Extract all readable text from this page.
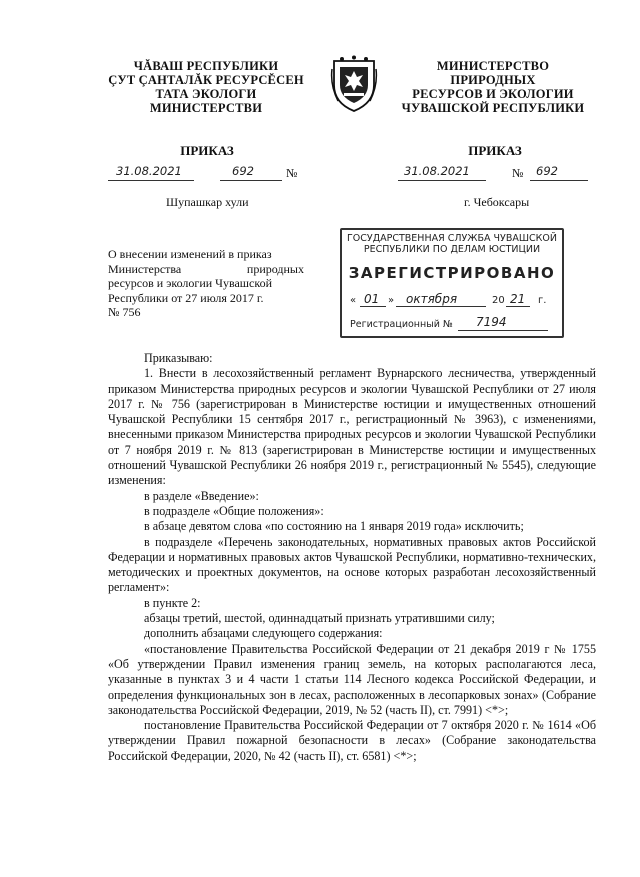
ЧĂВАШ РЕСПУБЛИКИ
ÇУТ ÇАНТАЛĂК РЕСУРСĔСЕН
ТАТА ЭКОЛОГИ
МИНИСТЕРСТВИ
МИНИСТЕРСТВО
ПРИРОДНЫХ
РЕСУРСОВ И ЭКОЛОГИИ
ЧУВАШСКОЙ РЕСПУБЛИКИ
ПРИКАЗ	ПРИКАЗ
31.08.2021	692	№	31.08.2021	№ 692
Шупашкар хули	г. Чебоксары
О внесении изменений в приказ
Министерства природных
ресурсов и экологии Чувашской
Республики от 27 июля 2017 г.
№ 756
ГОСУДАРСТВЕННАЯ СЛУЖБА ЧУВАШСКОЙ
РЕСПУБЛИКИ ПО ДЕЛАМ ЮСТИЦИИ
ЗАРЕГИСТРИРОВАНО
« 01 » октября	20 21 г.
Регистрационный № 7194

Приказываю:

1. Внести в лесохозяйственный регламент Вурнарского лесничества, утвержденный приказом Министерства природных ресурсов и экологии Чувашской Республики от 27 июля 2017 г. № 756 (зарегистрирован в Министерстве юстиции и имущественных отношений Чувашской Республики 15 сентября 2017 г., регистрационный № 3963), с изменениями, внесенными приказом Министерства природных ресурсов и экологии Чувашской Республики от 7 ноября 2019 г. № 813 (зарегистрирован в Министерстве юстиции и имущественных отношений Чувашской Республики 26 ноября 2019 г., регистрационный № 5545), следующие изменения:

в разделе «Введение»:

в подразделе «Общие положения»:

в абзаце девятом слова «по состоянию на 1 января 2019 года» исключить;

в подразделе «Перечень законодательных, нормативных правовых актов Российской Федерации и нормативных правовых актов Чувашской Республики, нормативно-технических, методических и проектных документов, на основе которых разработан лесохозяйственный регламент»:

в пункте 2:

абзацы третий, шестой, одиннадцатый признать утратившими силу;

дополнить абзацами следующего содержания:

«постановление Правительства Российской Федерации от 21 декабря 2019 г № 1755 «Об утверждении Правил изменения границ земель, на которых располагаются леса, указанные в пунктах 3 и 4 части 1 статьи 114 Лесного кодекса Российской Федерации, и определения функциональных зон в лесах, расположенных в лесопарковых зонах» (Собрание законодательства Российской Федерации, 2019, № 52 (часть II), ст. 7991) <*>;

постановление Правительства Российской Федерации от 7 октября 2020 г. № 1614 «Об утверждении Правил пожарной безопасности в лесах» (Собрание законодательства Российской Федерации, 2020, № 42 (часть II), ст. 6581) <*>;
